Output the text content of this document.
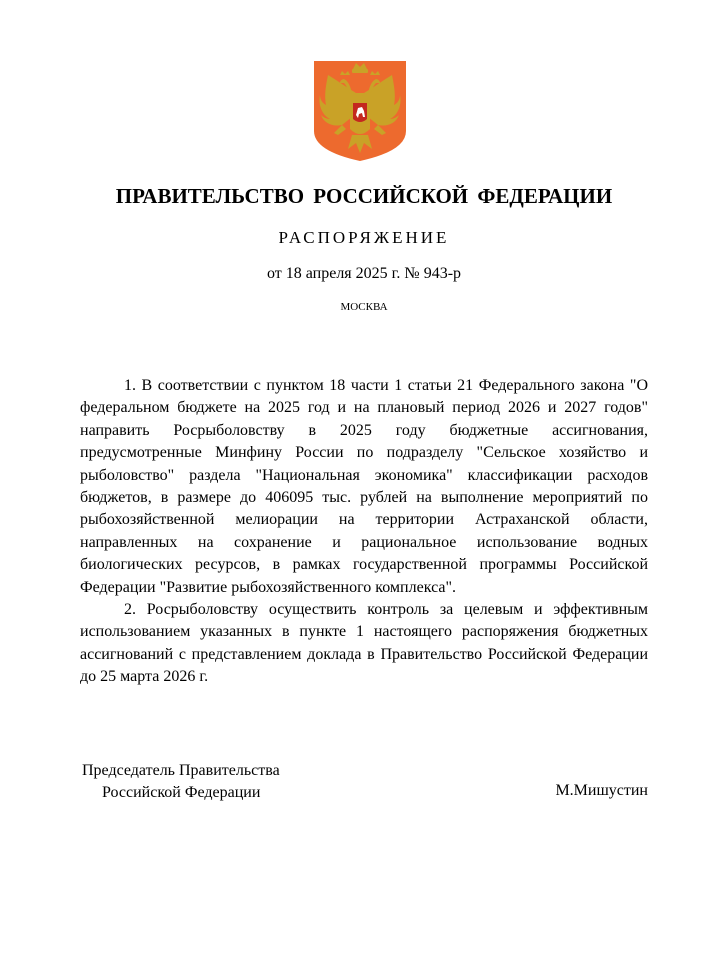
ПРАВИТЕЛЬСТВО РОССИЙСКОЙ ФЕДЕРАЦИИ
РАСПОРЯЖЕНИЕ
от 18 апреля 2025 г. № 943-р
МОСКВА

1. В соответствии с пунктом 18 части 1 статьи 21 Федерального закона "О федеральном бюджете на 2025 год и на плановый период 2026 и 2027 годов" направить Росрыболовству в 2025 году бюджетные ассигнования, предусмотренные Минфину России по подразделу "Сельское хозяйство и рыболовство" раздела "Национальная экономика" классификации расходов бюджетов, в размере до 406095 тыс. рублей на выполнение мероприятий по рыбохозяйственной мелиорации на территории Астраханской области, направленных на сохранение и рациональное использование водных биологических ресурсов, в рамках государственной программы Российской Федерации "Развитие рыбохозяйственного комплекса".

2. Росрыболовству осуществить контроль за целевым и эффективным использованием указанных в пункте 1 настоящего распоряжения бюджетных ассигнований с представлением доклада в Правительство Российской Федерации до 25 марта 2026 г.

Председатель Правительства
Российской Федерации	М.Мишустин
